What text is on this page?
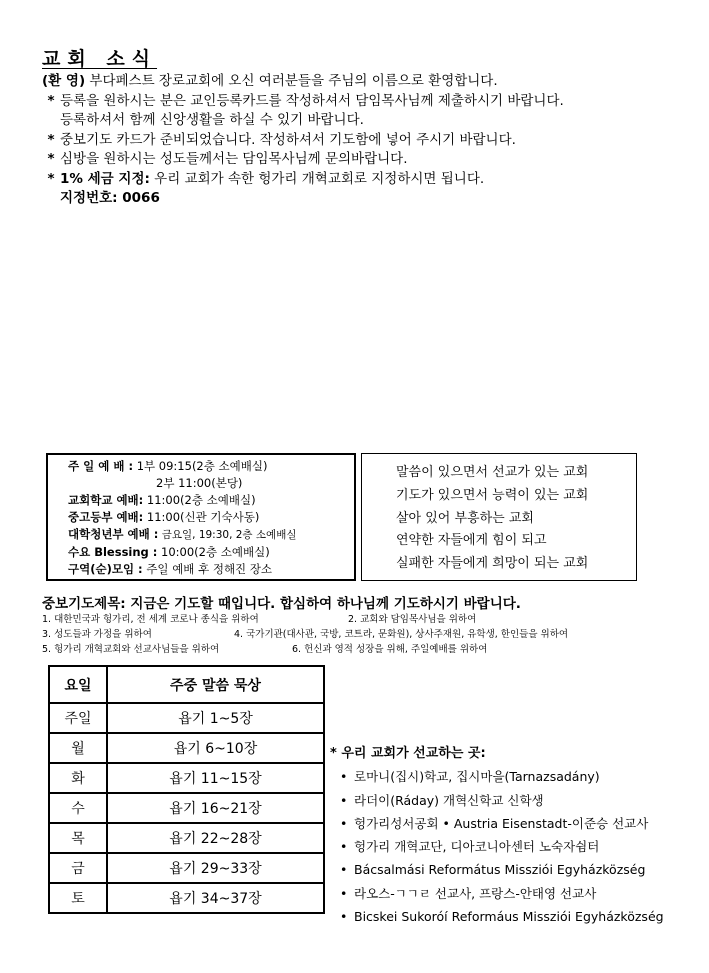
교회 소식
(환 영) 부다페스트 장로교회에 오신 여러분들을 주님의 이름으로 환영합니다.
* 등록을 원하시는 분은 교인등록카드를 작성하셔서 담임목사님께 제출하시기 바랍니다.
등록하셔서 함께 신앙생활을 하실 수 있기 바랍니다.
* 중보기도 카드가 준비되었습니다. 작성하셔서 기도함에 넣어 주시기 바랍니다.
* 심방을 원하시는 성도들께서는 담임목사님께 문의바랍니다.
* 1% 세금 지정: 우리 교회가 속한 헝가리 개혁교회로 지정하시면 됩니다.
지정번호: 0066
주 일 예 배 : 1부 09:15(2층 소예배실)
2부 11:00(본당)
교회학교 예배: 11:00(2층 소예배실)
중고등부 예배: 11:00(신관 기숙사동)
대학청년부 예배 : 금요일, 19:30, 2층 소예배실
수요 Blessing : 10:00(2층 소예배실)
구역(순)모임 : 주일 예배 후 정해진 장소
말씀이 있으면서 선교가 있는 교회
기도가 있으면서 능력이 있는 교회
살아 있어 부흥하는 교회
연약한 자들에게 힘이 되고
실패한 자들에게 희망이 되는 교회
중보기도제목: 지금은 기도할 때입니다. 합심하여 하나님께 기도하시기 바랍니다.
1. 대한민국과 헝가리, 전 세계 코로나 종식을 위하여	2. 교회와 담임목사님을 위하여
3. 성도들과 가정을 위하여	4. 국가기관(대사관, 국방, 코트라, 문화원), 상사주재원, 유학생, 한인들을 위하여
5. 헝가리 개혁교회와 선교사님들을 위하여	6. 헌신과 영적 성장을 위해, 주일예배를 위하여
요일	주중 말씀 묵상
주일	욥기 1~5장
월	욥기 6~10장
화	욥기 11~15장
수	욥기 16~21장
목	욥기 22~28장
금	욥기 29~33장
토	욥기 34~37장
* 우리 교회가 선교하는 곳:
• 로마니(집시)학교, 집시마을(Tarnazsadány)
• 라더이(Ráday) 개혁신학교 신학생
• 헝가리성서공회 • Austria Eisenstadt-이준승 선교사
• 헝가리 개혁교단, 디아코니아센터 노숙자쉼터
• Bácsalmási Református Missziói Egyházközség
• 라오스-ㄱㄱㄹ 선교사, 프랑스-안태영 선교사
• Bicskei Sukoróí Reformáus Missziói Egyházközség
